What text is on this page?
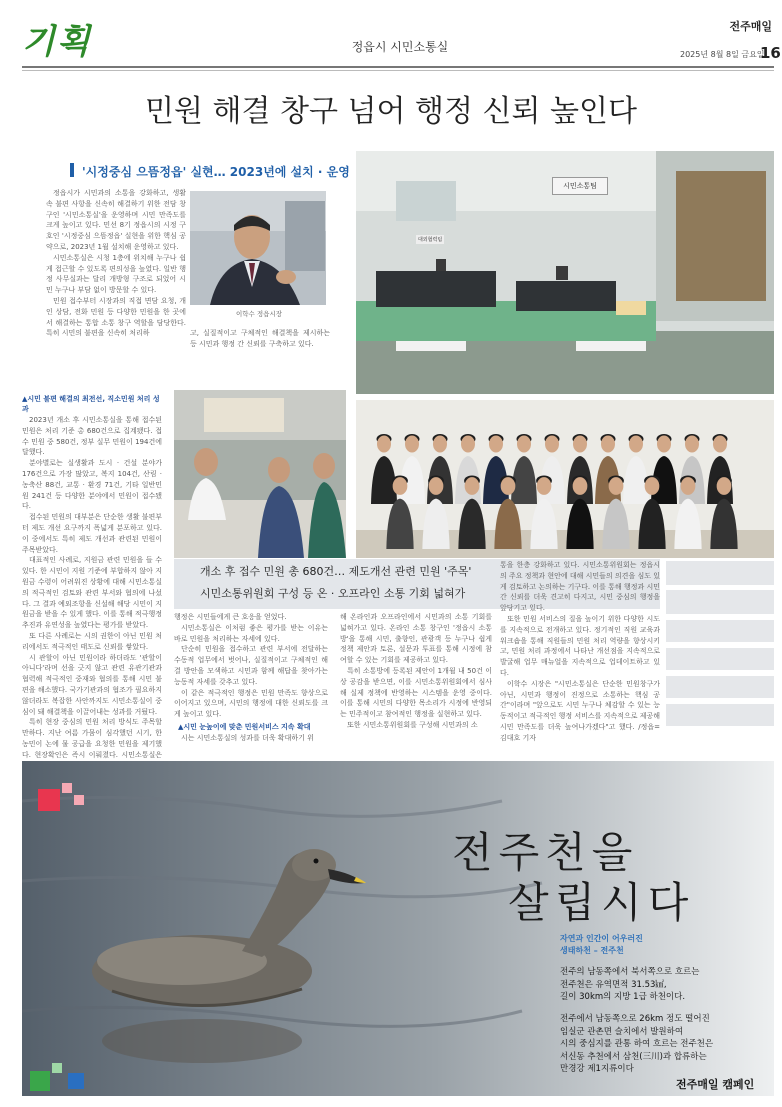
기획	정읍시 시민소통실
전주매일
2025년 8월 8일 금요일
16
민원 해결 창구 넘어 행정 신뢰 높인다
'시정중심 으뜸정읍' 실현… 2023년에 설치 · 운영

정읍시가 시민과의 소통을 강화하고, 생활 속 불편 사항을 신속히 해결하기 위한 전담 창구인 '시민소통실'을 운영하며 시민 만족도를 크게 높이고 있다. 민선 8기 정읍시의 시정 구호인 '시정중심 으뜸정읍' 실현을 위한 핵심 공약으로, 2023년 1월 설치해 운영하고 있다.

시민소통실은 시청 1층에 위치해 누구나 쉽게 접근할 수 있도록 편의성을 높였다. 일반 행정 사무실과는 달리 개방형 구조로 되었어 시민 누구나 부담 없이 방문할 수 있다.

민원 접수부터 시장과의 직접 면담 요청, 개인 상담, 전화 민원 등 다양한 민원을 한 곳에서 해결하는 통합 소통 창구 역할을 담당한다. 특히 시민의 불편을 신속히 처리하

이학수 정읍시장

고, 실질적이고 구체적인 해결책을 제시하는 등 시민과 행정 간 신뢰를 구축하고 있다.

시민소통팀
대외협력팀
▲시민 불편 해결의 최전선, 직소민원 처리 성과

2023년 개소 후 시민소통실을 통해 접수된 민원은 처리 기준 총 680건으로 집계됐다. 접수 민원 중 580건, 정부 실무 민원이 194건에 달했다.

분야별로는 실생활과 도시 · 건설 분야가 176건으로 가장 많았고, 복지 104건, 산림 · 농축산 88건, 교통 · 환경 71건, 기타 일반민원 241건 등 다양한 분야에서 민원이 접수됐다.

접수된 민원의 대부분은 단순한 생활 불편부터 제도 개선 요구까지 폭넓게 분포하고 있다. 이 중에서도 특히 제도 개선과 관련된 민원이 주목받았다.

대표적인 사례로, 지원금 관련 민원을 들 수 있다. 한 시민이 지원 기준에 부합하지 않아 지원금 수령이 어려워진 상황에 대해 시민소통실의 적극적인 검토와 관련 부서와 협의에 나섰다. 그 결과 예외조항을 신설해 해당 시민이 지원금을 받을 수 있게 했다. 이를 통해 적극행정 추진과 유연성을 높였다는 평가를 받았다.

또 다른 사례로는 시의 권한이 아닌 민원 처리에서도 적극적인 태도로 신뢰를 쌓았다.

시 관할이 아닌 민원이라 하더라도 '관할이 아니다'라며 선을 긋지 않고 관련 유관기관과 협력해 적극적인 중재와 협의를 통해 시민 불편을 해소했다. 국가기관과의 협조가 필요하지 않더라도 복잡한 사안까지도 시민소통실이 중심이 돼 해결책을 이끌어내는 성과를 거뒀다.

특히 현장 중심의 민원 처리 방식도 주목할 만하다. 지난 여름 가뭄이 심각했던 시기, 한 농민이 논에 물 공급을 요청한 민원을 제기했다. 현장확인은 즉시 이뤄졌다. 시민소통실은

개소 후 접수 민원 총 680건… 제도개선 관련 민원 '주목'
시민소통위원회 구성 등 온 · 오프라인 소통 기회 넓혀가

행정은 시민들에게 큰 호응을 얻었다.

시민소통실은 이처럼 좋은 평가를 받는 이유는 바로 민원을 처리하는 자세에 있다.

단순히 민원을 접수하고 관련 부서에 전달하는 수동적 업무에서 벗어나, 실질적이고 구체적인 해결 방안을 모색하고 시민과 함께 해답을 찾아가는 능동적 자세를 갖추고 있다.

이 같은 적극적인 행정은 민원 만족도 향상으로 이어지고 있으며, 시민의 행정에 대한 신뢰도를 크게 높이고 있다.

▲시민 눈높이에 맞춘 민원서비스 지속 확대

시는 시민소통실의 성과를 더욱 확대하기 위

해 온라인과 오프라인에서 시민과의 소통 기회를 넓혀가고 있다. 온라인 소통 창구인 '정읍시 소통방'을 통해 시민, 출향인, 관광객 등 누구나 쉽게 정책 제안과 토론, 설문과 투표를 통해 시정에 참여할 수 있는 기회를 제공하고 있다.

특히 소통방에 등록된 제안이 1개월 내 50건 이상 공감을 받으면, 이를 시민소통위원회에서 심사해 실제 정책에 반영하는 시스템을 운영 중이다. 이를 통해 시민의 다양한 목소리가 시정에 반영되는 민주적이고 참여적인 행정을 실현하고 있다.

또한 시민소통위원회를 구성해 시민과의 소

통을 한층 강화하고 있다. 시민소통위원회는 정읍시의 주요 정책과 현안에 대해 시민들의 의견을 심도 있게 검토하고 논의하는 기구다. 이를 통해 행정과 시민 간 신뢰를 더욱 견고히 다지고, 시민 중심의 행정을 앞당기고 있다.

또한 민원 서비스의 질을 높이기 위한 다양한 시도를 지속적으로 전개하고 있다. 정기적인 직원 교육과 워크숍을 통해 직원들의 민원 처리 역량을 향상시키고, 민원 처리 과정에서 나타난 개선점을 지속적으로 발굴해 업무 매뉴얼을 지속적으로 업데이트하고 있다.

이학수 시장은 "시민소통실은 단순한 민원창구가 아닌, 시민과 행정이 진정으로 소통하는 핵심 공간"이라며 "앞으로도 시민 누구나 체감할 수 있는 능동적이고 적극적인 행정 서비스를 지속적으로 제공해 시민 만족도를 더욱 높여나가겠다"고 했다. /정읍=김대호 기자

전주천을
살립시다
자연과 인간이 어우러진
생태하천 – 전주천
전주의 남동쪽에서 북서쪽으로 흐르는
전주천은 유역면적 31.53㎢,
길이 30km의 지방 1급 하천이다.
전주에서 남동쪽으로 26km 정도 떨어진
임실군 관촌면 슬치에서 발원하여
시의 중심지를 관통 하여 흐르는 전주천은
서신동 추천에서 삼천(三川)과 합류하는
만경강 제1지류이다
전주매일 캠페인
